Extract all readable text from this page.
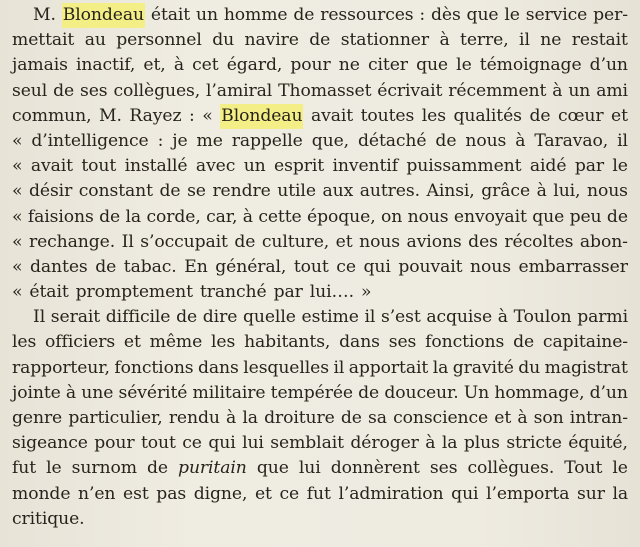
M. Blondeau était un homme de ressources : dès que le service per-
mettait au personnel du navire de stationner à terre, il ne restait
jamais inactif, et, à cet égard, pour ne citer que le témoignage d’un
seul de ses collègues, l’amiral Thomasset écrivait récemment à un ami
commun, M. Rayez : « Blondeau avait toutes les qualités de cœur et
« d’intelligence : je me rappelle que, détaché de nous à Taravao, il
« avait tout installé avec un esprit inventif puissamment aidé par le
« désir constant de se rendre utile aux autres. Ainsi, grâce à lui, nous
« faisions de la corde, car, à cette époque, on nous envoyait que peu de
« rechange. Il s’occupait de culture, et nous avions des récoltes abon-
« dantes de tabac. En général, tout ce qui pouvait nous embarrasser
« était promptement tranché par lui…. »
Il serait difficile de dire quelle estime il s’est acquise à Toulon parmi
les officiers et même les habitants, dans ses fonctions de capitaine-
rapporteur, fonctions dans lesquelles il apportait la gravité du magistrat
jointe à une sévérité militaire tempérée de douceur. Un hommage, d’un
genre particulier, rendu à la droiture de sa conscience et à son intran-
sigeance pour tout ce qui lui semblait déroger à la plus stricte équité,
fut le surnom de puritain que lui donnèrent ses collègues. Tout le
monde n’en est pas digne, et ce fut l’admiration qui l’emporta sur la
critique.
